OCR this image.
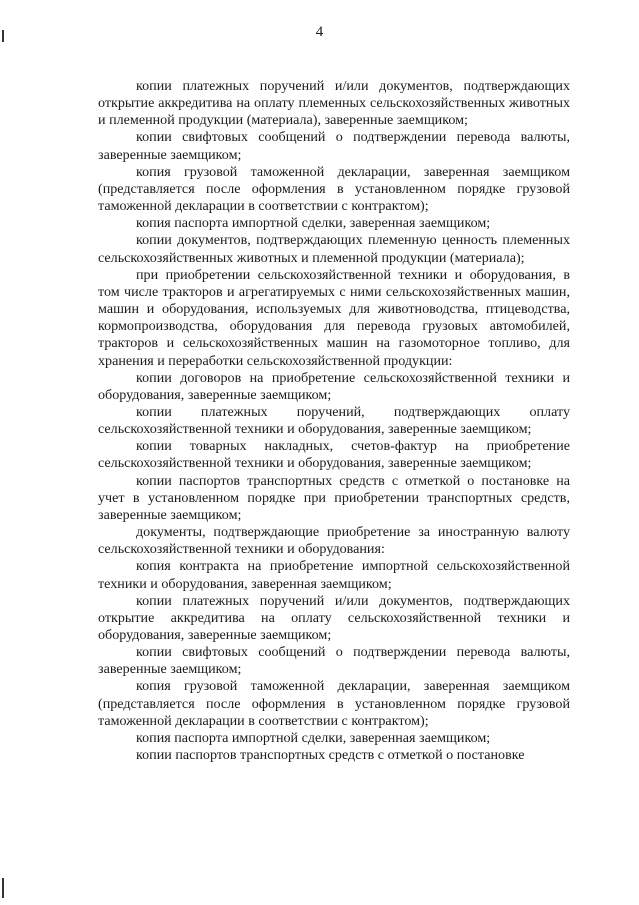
4

копии платежных поручений и/или документов, подтверждающих открытие аккредитива на оплату племенных сельскохозяйственных животных и племенной продукции (материала), заверенные заемщиком;

копии свифтовых сообщений о подтверждении перевода валюты, заверенные заемщиком;

копия грузовой таможенной декларации, заверенная заемщиком (представляется после оформления в установленном порядке грузовой таможенной декларации в соответствии с контрактом);

копия паспорта импортной сделки, заверенная заемщиком;

копии документов, подтверждающих племенную ценность племенных сельскохозяйственных животных и племенной продукции (материала);

при приобретении сельскохозяйственной техники и оборудования, в том числе тракторов и агрегатируемых с ними сельскохозяйственных машин, машин и оборудования, используемых для животноводства, птицеводства, кормопроизводства, оборудования для перевода грузовых автомобилей, тракторов и сельскохозяйственных машин на газомоторное топливо, для хранения и переработки сельскохозяйственной продукции:

копии договоров на приобретение сельскохозяйственной техники и оборудования, заверенные заемщиком;

копии платежных поручений, подтверждающих оплату сельскохозяйственной техники и оборудования, заверенные заемщиком;

копии товарных накладных, счетов-фактур на приобретение сельскохозяйственной техники и оборудования, заверенные заемщиком;

копии паспортов транспортных средств с отметкой о постановке на учет в установленном порядке при приобретении транспортных средств, заверенные заемщиком;

документы, подтверждающие приобретение за иностранную валюту сельскохозяйственной техники и оборудования:

копия контракта на приобретение импортной сельскохозяйственной техники и оборудования, заверенная заемщиком;

копии платежных поручений и/или документов, подтверждающих открытие аккредитива на оплату сельскохозяйственной техники и оборудования, заверенные заемщиком;

копии свифтовых сообщений о подтверждении перевода валюты, заверенные заемщиком;

копия грузовой таможенной декларации, заверенная заемщиком (представляется после оформления в установленном порядке грузовой таможенной декларации в соответствии с контрактом);

копия паспорта импортной сделки, заверенная заемщиком;

копии паспортов транспортных средств с отметкой о постановке
